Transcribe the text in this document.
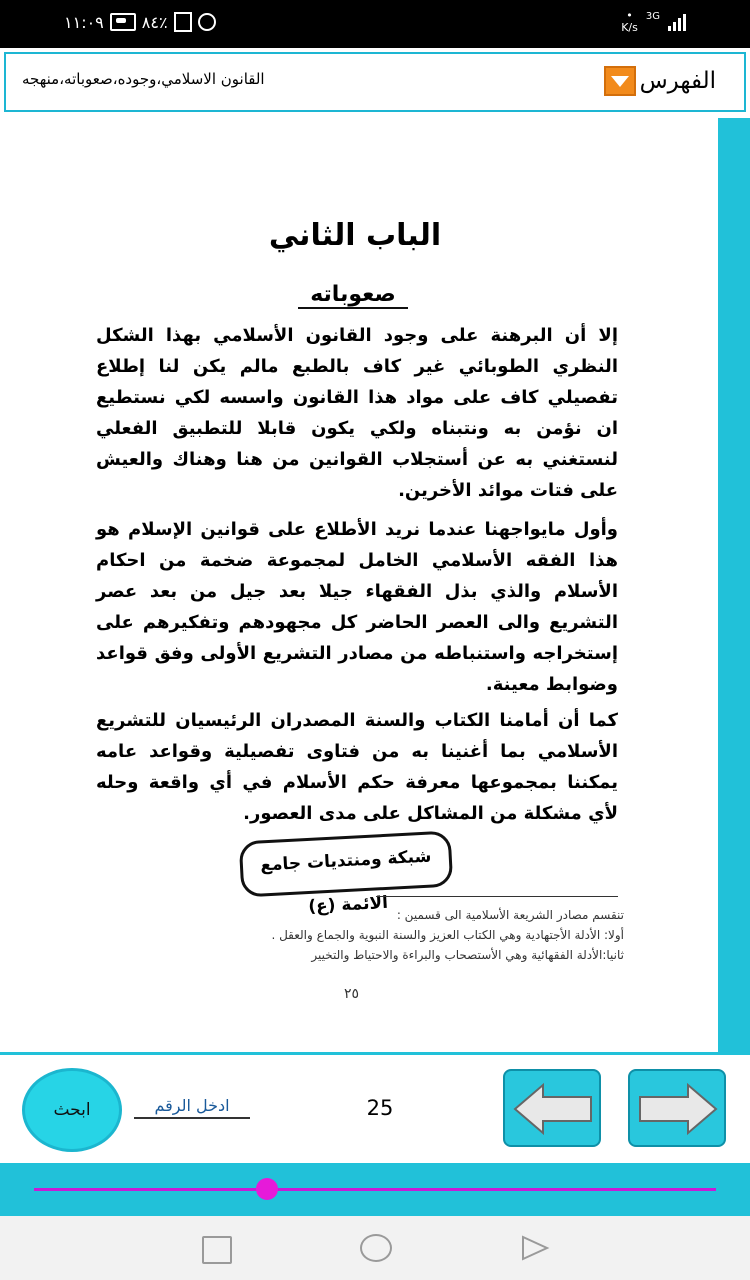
١١:٠٩ ٨٤٪	•
K/s
3G
الفهرس
القانون الاسلامي،وجوده،صعوباته،منهجه
الباب الثاني
صعوباته
إلا أن البرهنة على وجود القانون الأسلامي بهذا الشكل النظري الطوبائي غير كاف بالطبع مالم يكن لنا إطلاع تفصيلي كاف على مواد هذا القانون واسسه لكي نستطيع ان نؤمن به ونتبناه ولكي يكون قابلا للتطبيق الفعلي لنستغني به عن أستجلاب القوانين من هنا وهناك والعيش على فتات موائد الأخرين.
وأول مايواجهنا عندما نريد الأطلاع على قوانين الإسلام هو هذا الفقه الأسلامي الخامل لمجموعة ضخمة من احكام الأسلام والذي بذل الفقهاء جيلا بعد جيل من بعد عصر التشريع والى العصر الحاضر كل مجهودهم وتفكيرهم على إستخراجه واستنباطه من مصادر التشريع الأولى وفق قواعد وضوابط معينة.
كما أن أمامنا الكتاب والسنة المصدران الرئيسيان للتشريع الأسلامي بما أغنينا به من فتاوى تفصيلية وقواعد عامه يمكننا بمجموعها معرفة حكم الأسلام في أي واقعة وحله لأي مشكلة من المشاكل على مدى العصور.
شبكة ومنتديات جامع الائمة (ع) تنقسم مصادر الشريعة الأسلامية الى قسمين :
أولا: الأدلة الأجتهادية وهي الكتاب العزيز والسنة النبوية والجماع والعقل .
ثانيا:الأدلة الفقهائية وهي الأستصحاب والبراءة والاحتياط والتخيير
٢٥
ابحث	ادخل الرقم	25
